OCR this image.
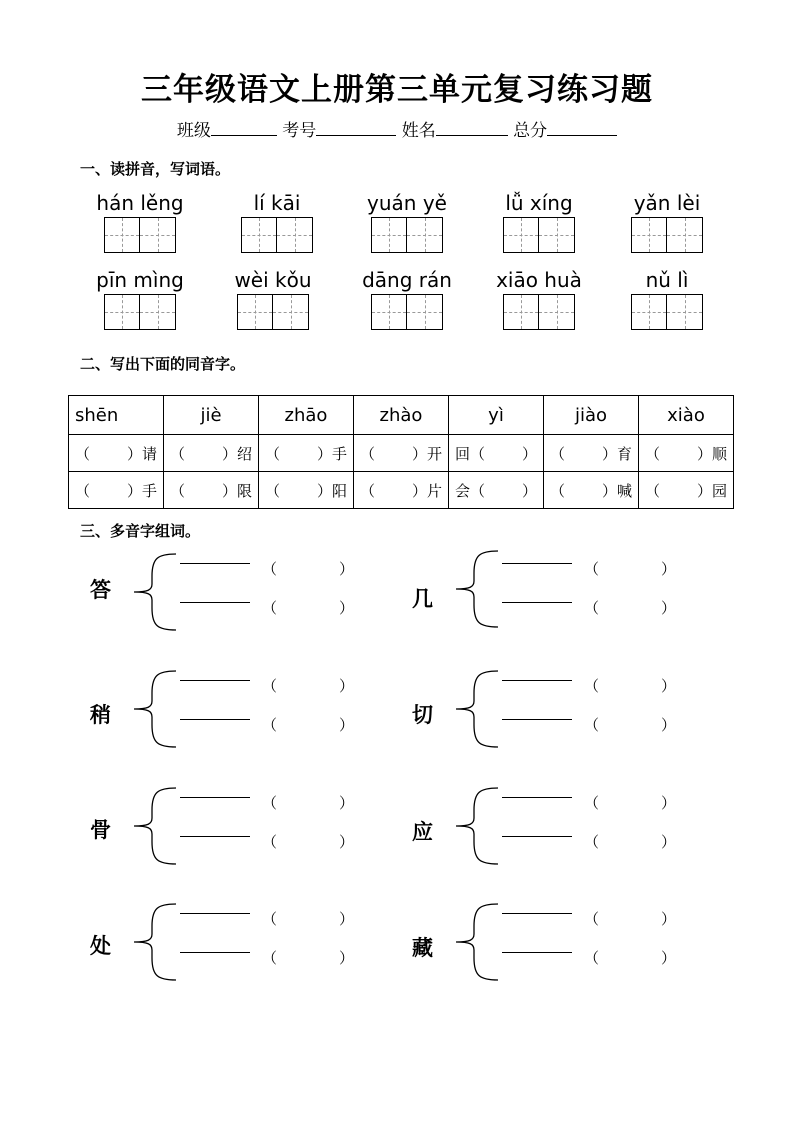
三年级语文上册第三单元复习练习题
班级	考号	姓名	总分
一、读拼音，写词语。
hán lěng	lí kāi	yuán yě	lǚ xíng	yǎn lèi
pīn mìng	wèi kǒu	dāng rán	xiāo huà	nǔ lì
二、写出下面的同音字。
shēn	jiè	zhāo	zhào	yì	jiào	xiào

（ ） 请	（ ） 绍	（ ） 手	（ ） 开	回 （ ）	（ ） 育	（ ） 顺

（ ） 手	（ ） 限	（ ） 阳	（ ） 片	会 （ ）	（ ） 喊	（ ） 园
三、多音字组词。
答
（	）
（	）	几
（	）
（	）
稍
（	）
（	）	切
（	）
（	）
骨
（	）
（	）	应
（	）
（	）
处
（	）
（	）	藏
（	）
（	）
